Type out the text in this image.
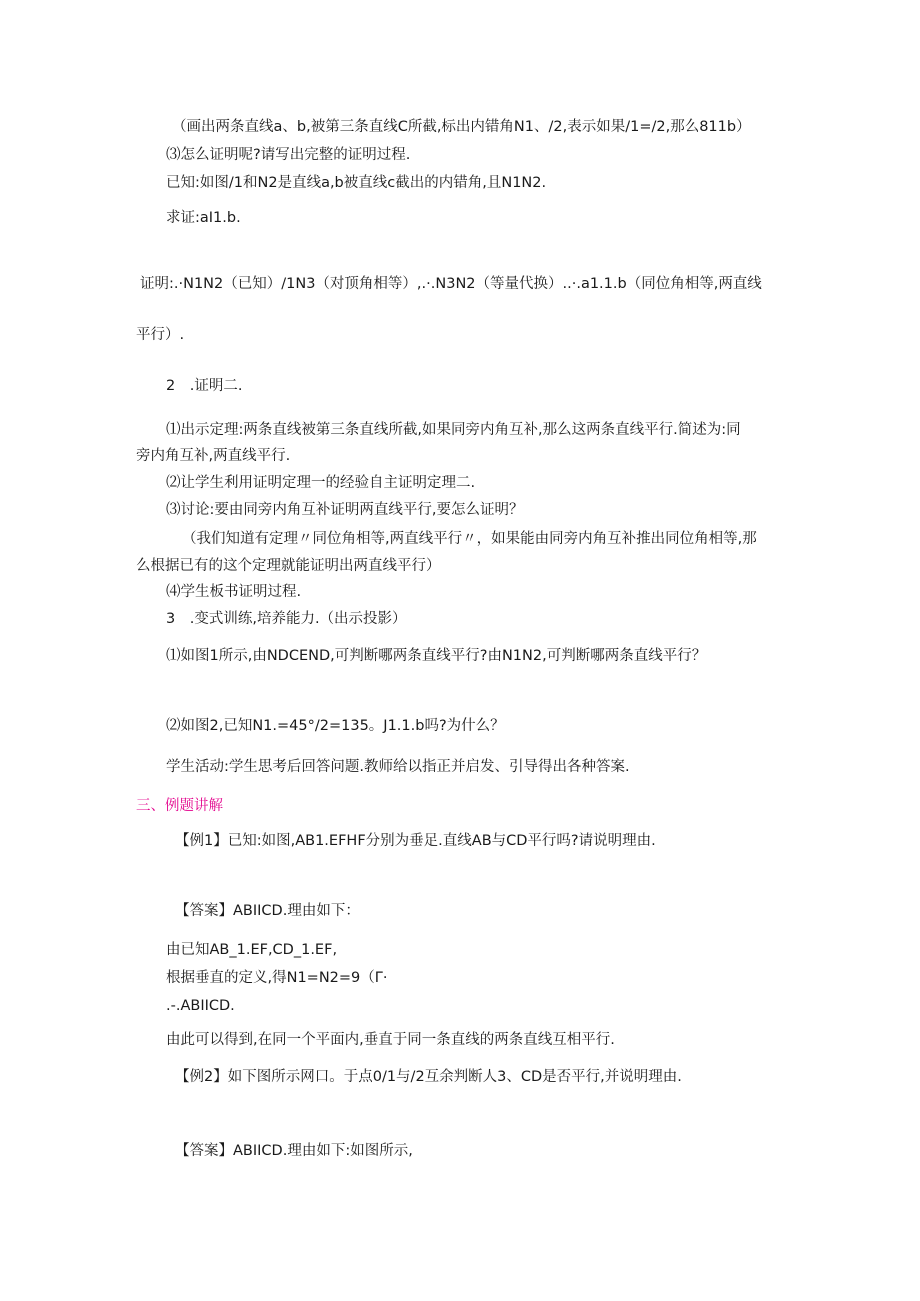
（画出两条直线a、b,被第三条直线C所截,标出内错角N1、/2,表示如果/1=/2,那么811b）
⑶怎么证明呢?请写出完整的证明过程.
已知:如图/1和N2是直线a,b被直线c截出的内错角,且N1N2.
求证:aI1.b.
证明:.·N1N2（已知）/1N3（对顶角相等）,.·.N3N2（等量代换）..·.a1.1.b（同位角相等,两直线
平行）.
2　.证明二.
⑴出示定理:两条直线被第三条直线所截,如果同旁内角互补,那么这两条直线平行.简述为:同
旁内角互补,两直线平行.
⑵让学生利用证明定理一的经验自主证明定理二.
⑶讨论:要由同旁内角互补证明两直线平行,要怎么证明？
（我们知道有定理〃同位角相等,两直线平行〃，如果能由同旁内角互补推出同位角相等,那
么根据已有的这个定理就能证明出两直线平行）
⑷学生板书证明过程.
3　.变式训练,培养能力.（出示投影）
⑴如图1所示,由NDCEND,可判断哪两条直线平行?由N1N2,可判断哪两条直线平行？
⑵如图2,已知N1.=45°/2=135。J1.1.b吗?为什么？
学生活动:学生思考后回答问题.教师给以指正并启发、引导得出各种答案.
三、例题讲解
【例1】已知:如图,AB1.EFHF分别为垂足.直线AB与CD平行吗?请说明理由.
【答案】ABIICD.理由如下：
由已知AB_1.EF,CD_1.EF,
根据垂直的定义,得N1=N2=9（Γ·
.-.ABIICD.
由此可以得到,在同一个平面内,垂直于同一条直线的两条直线互相平行.
【例2】如下图所示网口。于点0/1与/2互余判断人3、CD是否平行,并说明理由.
【答案】ABIICD.理由如下:如图所示,
